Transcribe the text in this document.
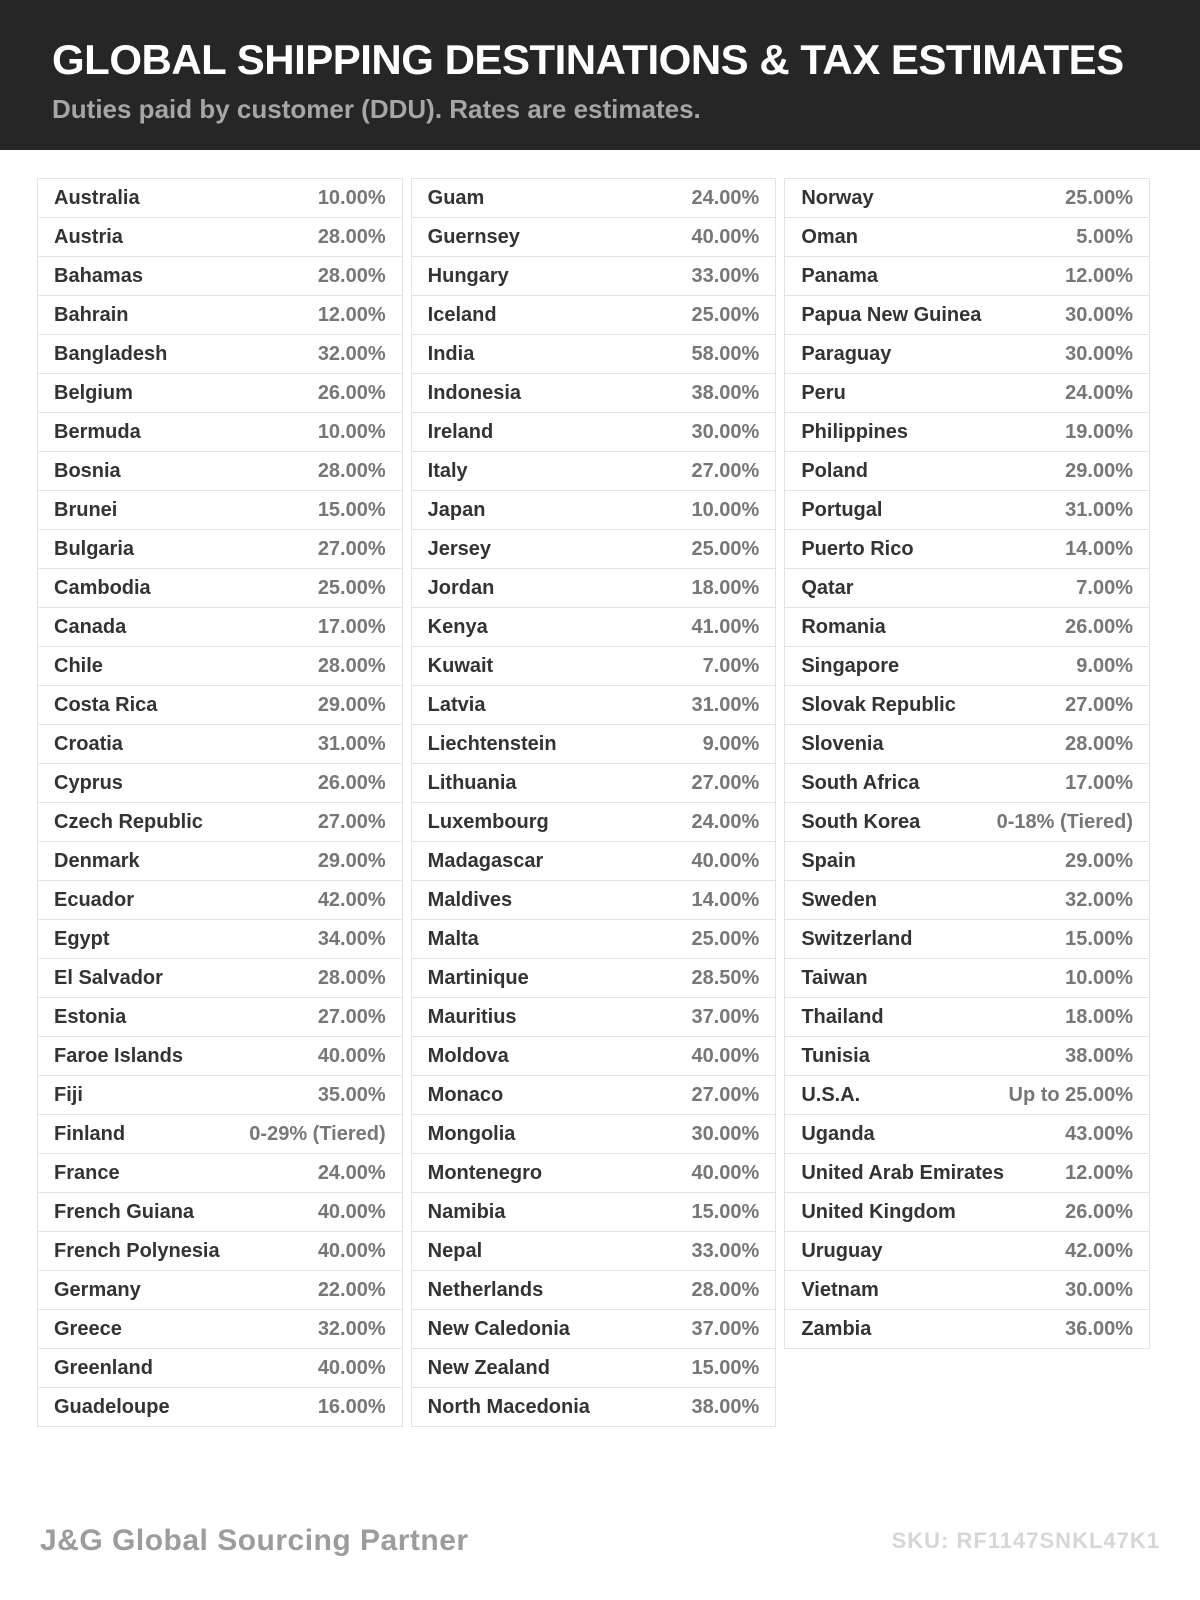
GLOBAL SHIPPING DESTINATIONS & TAX ESTIMATES

Duties paid by customer (DDU). Rates are estimates.

Australia	10.00%
Austria	28.00%
Bahamas	28.00%
Bahrain	12.00%
Bangladesh	32.00%
Belgium	26.00%
Bermuda	10.00%
Bosnia	28.00%
Brunei	15.00%
Bulgaria	27.00%
Cambodia	25.00%
Canada	17.00%
Chile	28.00%
Costa Rica	29.00%
Croatia	31.00%
Cyprus	26.00%
Czech Republic	27.00%
Denmark	29.00%
Ecuador	42.00%
Egypt	34.00%
El Salvador	28.00%
Estonia	27.00%
Faroe Islands	40.00%
Fiji	35.00%
Finland	0-29% (Tiered)
France	24.00%
French Guiana	40.00%
French Polynesia	40.00%
Germany	22.00%
Greece	32.00%
Greenland	40.00%
Guadeloupe	16.00%
Guam	24.00%
Guernsey	40.00%
Hungary	33.00%
Iceland	25.00%
India	58.00%
Indonesia	38.00%
Ireland	30.00%
Italy	27.00%
Japan	10.00%
Jersey	25.00%
Jordan	18.00%
Kenya	41.00%
Kuwait	7.00%
Latvia	31.00%
Liechtenstein	9.00%
Lithuania	27.00%
Luxembourg	24.00%
Madagascar	40.00%
Maldives	14.00%
Malta	25.00%
Martinique	28.50%
Mauritius	37.00%
Moldova	40.00%
Monaco	27.00%
Mongolia	30.00%
Montenegro	40.00%
Namibia	15.00%
Nepal	33.00%
Netherlands	28.00%
New Caledonia	37.00%
New Zealand	15.00%
North Macedonia	38.00%
Norway	25.00%
Oman	5.00%
Panama	12.00%
Papua New Guinea	30.00%
Paraguay	30.00%
Peru	24.00%
Philippines	19.00%
Poland	29.00%
Portugal	31.00%
Puerto Rico	14.00%
Qatar	7.00%
Romania	26.00%
Singapore	9.00%
Slovak Republic	27.00%
Slovenia	28.00%
South Africa	17.00%
South Korea	0-18% (Tiered)
Spain	29.00%
Sweden	32.00%
Switzerland	15.00%
Taiwan	10.00%
Thailand	18.00%
Tunisia	38.00%
U.S.A.	Up to 25.00%
Uganda	43.00%
United Arab Emirates	12.00%
United Kingdom	26.00%
Uruguay	42.00%
Vietnam	30.00%
Zambia	36.00%
J&G Global Sourcing Partner	SKU: RF1147SNKL47K1
